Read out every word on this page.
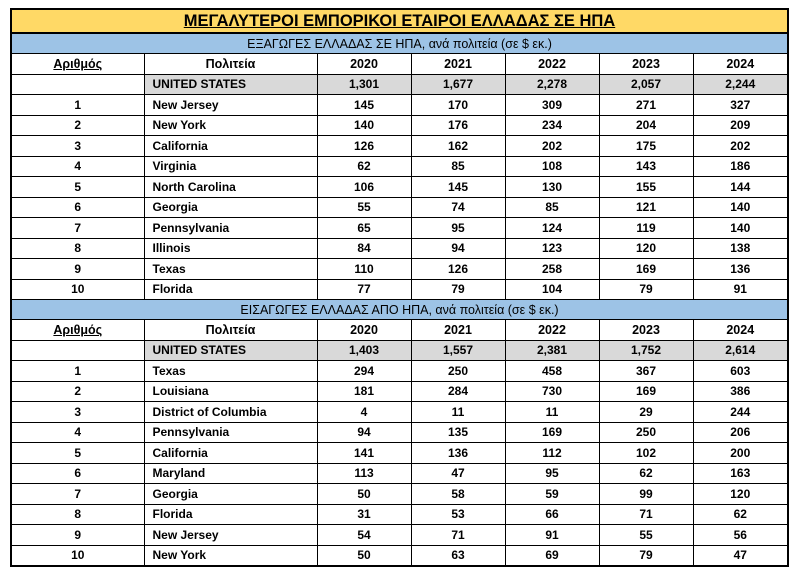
ΜΕΓΑΛΥΤΕΡΟΙ ΕΜΠΟΡΙΚΟΙ ΕΤΑΙΡΟΙ ΕΛΛΑΔΑΣ ΣΕ ΗΠΑ						
ΕΞΑΓΩΓΕΣ ΕΛΛΑΔΑΣ ΣΕ ΗΠΑ, ανά πολιτεία (σε $ εκ.)						
Αριθμός	Πολιτεία	2020	2021	2022	2023	2024
	UNITED STATES	1,301	1,677	2,278	2,057	2,244
1	New Jersey	145	170	309	271	327
2	New York	140	176	234	204	209
3	California	126	162	202	175	202
4	Virginia	62	85	108	143	186
5	North Carolina	106	145	130	155	144
6	Georgia	55	74	85	121	140
7	Pennsylvania	65	95	124	119	140
8	Illinois	84	94	123	120	138
9	Texas	110	126	258	169	136
10	Florida	77	79	104	79	91
ΕΙΣΑΓΩΓΕΣ ΕΛΛΑΔΑΣ ΑΠΟ ΗΠΑ, ανά πολιτεία (σε $ εκ.)						
Αριθμός	Πολιτεία	2020	2021	2022	2023	2024
	UNITED STATES	1,403	1,557	2,381	1,752	2,614
1	Texas	294	250	458	367	603
2	Louisiana	181	284	730	169	386
3	District of Columbia	4	11	11	29	244
4	Pennsylvania	94	135	169	250	206
5	California	141	136	112	102	200
6	Maryland	113	47	95	62	163
7	Georgia	50	58	59	99	120
8	Florida	31	53	66	71	62
9	New Jersey	54	71	91	55	56
10	New York	50	63	69	79	47
